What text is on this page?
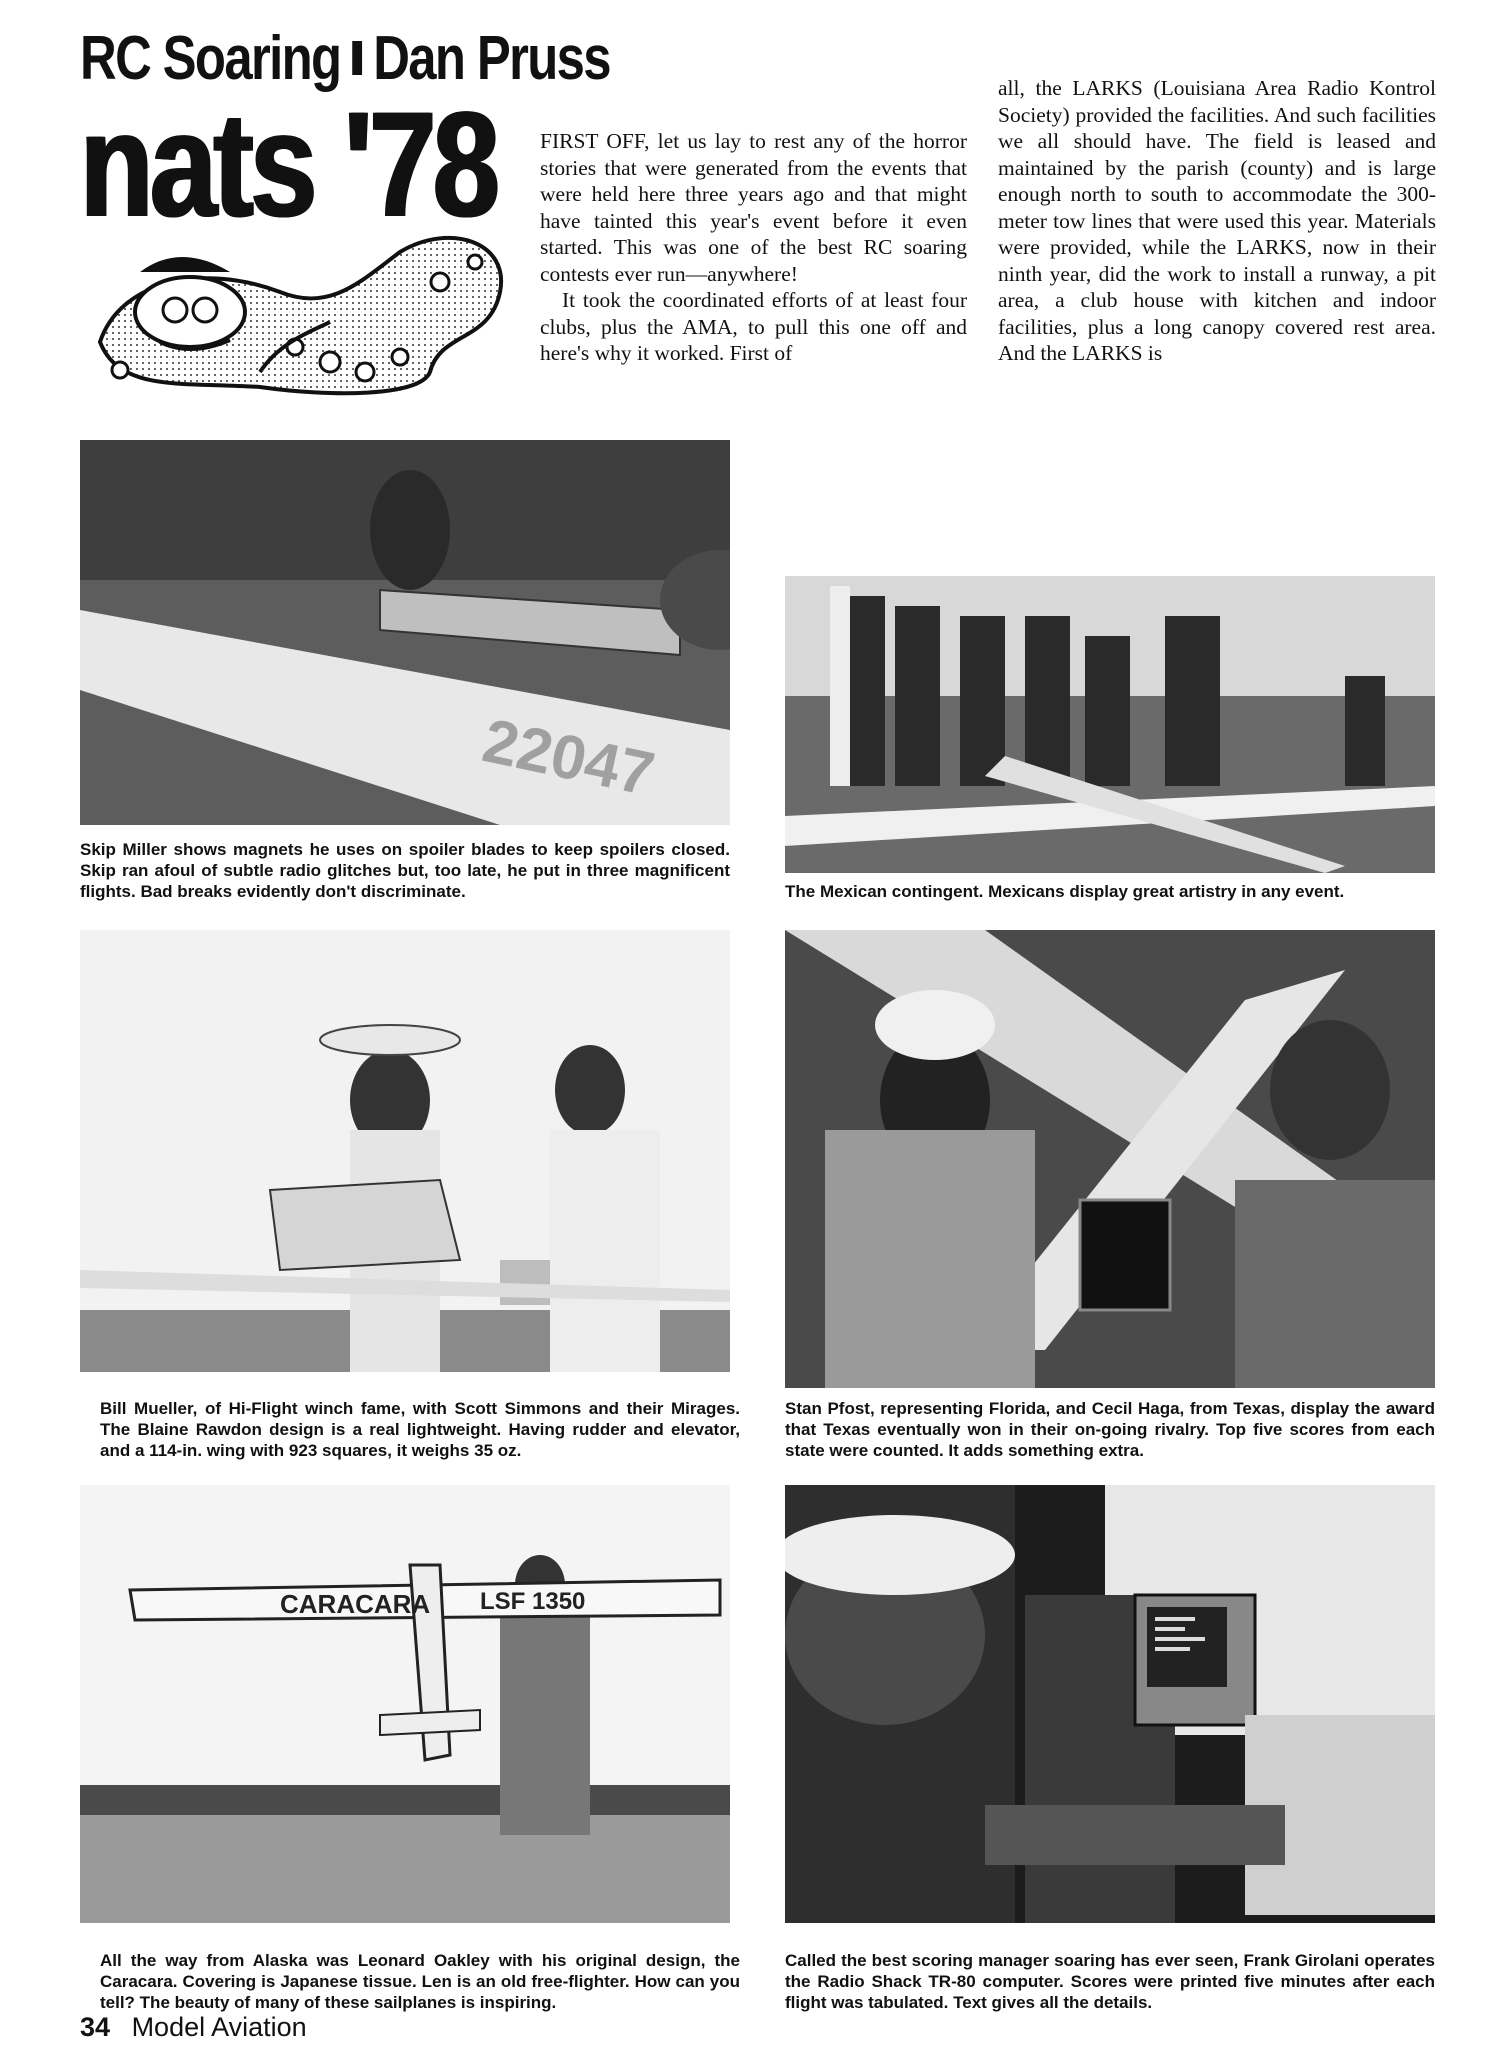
RC Soaring Dan Pruss
nats '78 FIRST OFF, let us lay to rest any of the horror stories that were generated from the events that were held here three years ago and that might have tainted this year's event before it even started. This was one of the best RC soaring contests ever run—anywhere!

It took the coordinated efforts of at least four clubs, plus the AMA, to pull this one off and here's why it worked. First of

all, the LARKS (Louisiana Area Radio Kontrol Society) provided the facilities. And such facilities we all should have. The field is leased and maintained by the parish (county) and is large enough north to south to accommodate the 300-meter tow lines that were used this year. Materials were provided, while the LARKS, now in their ninth year, did the work to install a runway, a pit area, a club house with kitchen and indoor facilities, plus a long canopy covered rest area. And the LARKS is

22047
Skip Miller shows magnets he uses on spoiler blades to keep spoilers closed. Skip ran afoul of subtle radio glitches but, too late, he put in three magnificent flights. Bad breaks evidently don't discriminate.	The Mexican contingent. Mexicans display great artistry in any event.
Bill Mueller, of Hi-Flight winch fame, with Scott Simmons and their Mirages. The Blaine Rawdon design is a real lightweight. Having rudder and elevator, and a 114-in. wing with 923 squares, it weighs 35 oz.
Stan Pfost, representing Florida, and Cecil Haga, from Texas, display the award that Texas eventually won in their on-going rivalry. Top five scores from each state were counted. It adds something extra.
CARACARA LSF 1350
All the way from Alaska was Leonard Oakley with his original design, the Caracara. Covering is Japanese tissue. Len is an old free-flighter. How can you tell? The beauty of many of these sailplanes is inspiring.
Called the best scoring manager soaring has ever seen, Frank Girolani operates the Radio Shack TR-80 computer. Scores were printed five minutes after each flight was tabulated. Text gives all the details.
34 Model Aviation
